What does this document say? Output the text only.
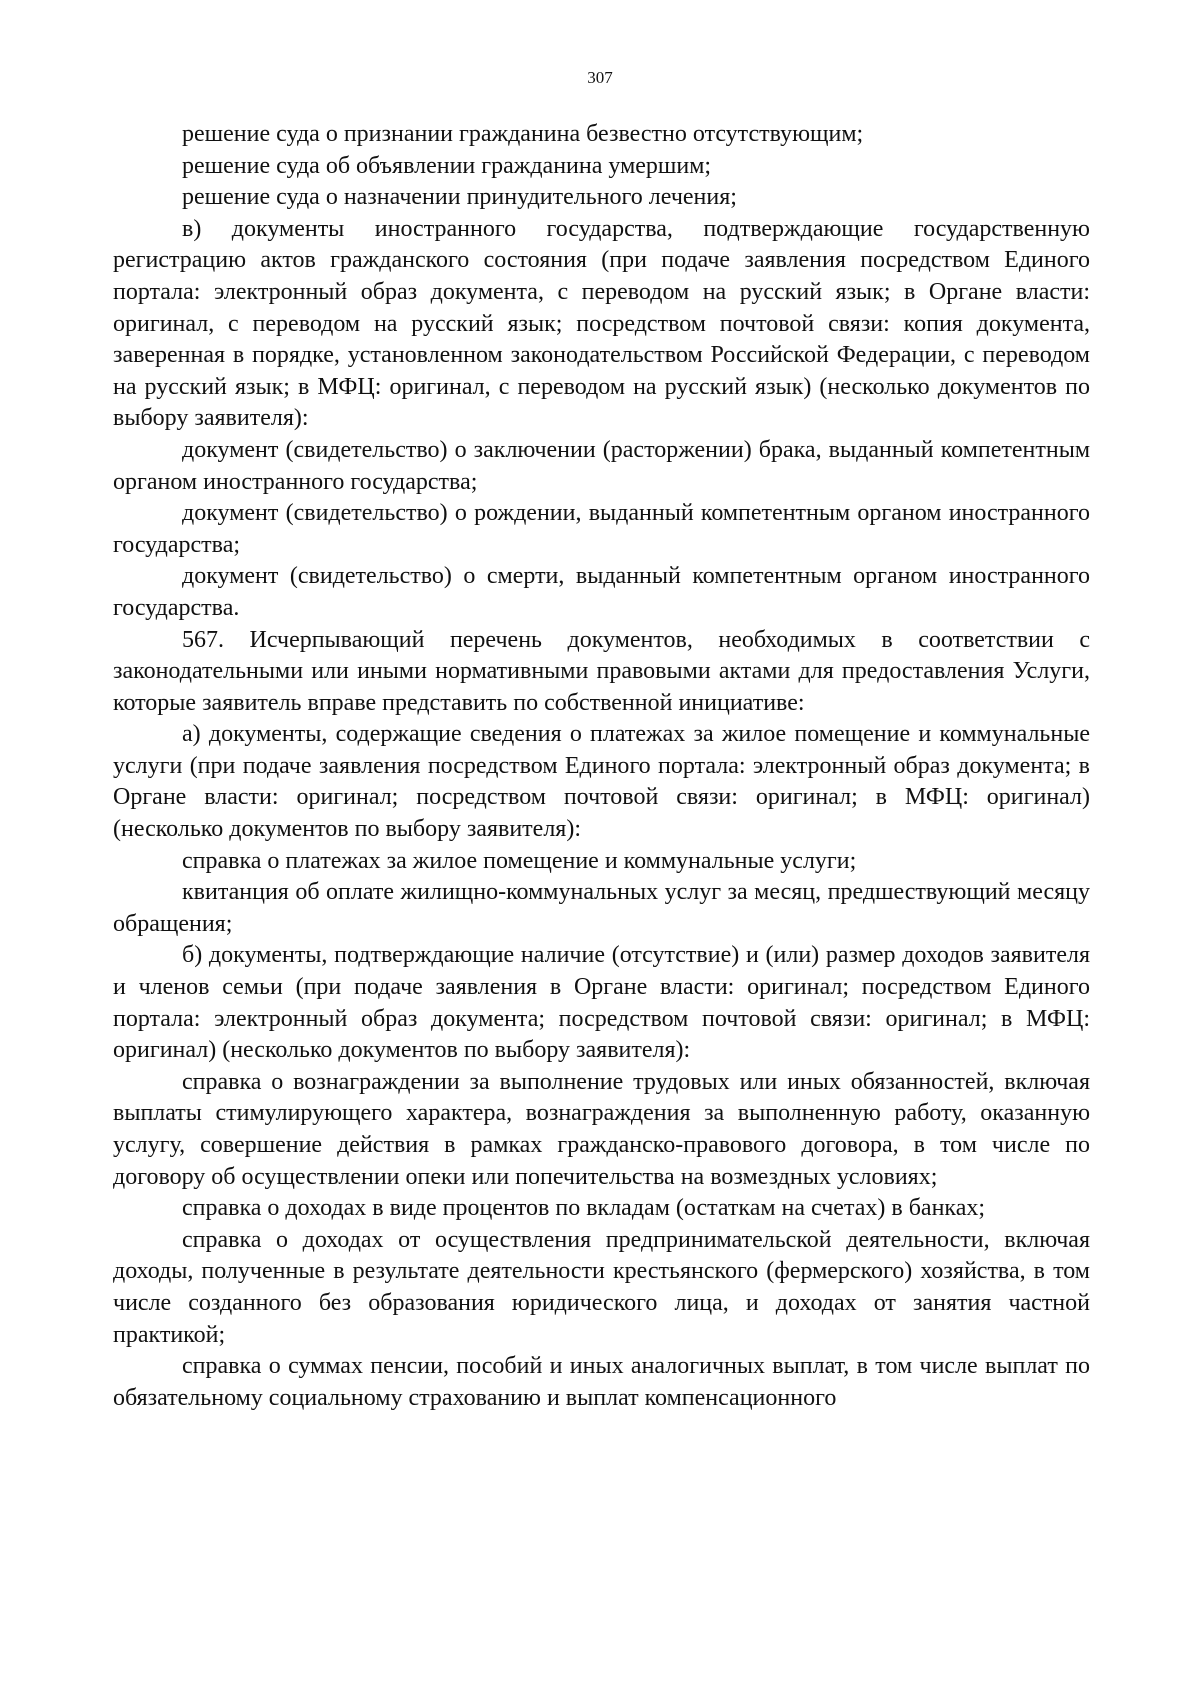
307

решение суда о признании гражданина безвестно отсутствующим;

решение суда об объявлении гражданина умершим;

решение суда о назначении принудительного лечения;

в) документы иностранного государства, подтверждающие государственную регистрацию актов гражданского состояния (при подаче заявления посредством Единого портала: электронный образ документа, с переводом на русский язык; в Органе власти: оригинал, с переводом на русский язык; посредством почтовой связи: копия документа, заверенная в порядке, установленном законодательством Российской Федерации, с переводом на русский язык; в МФЦ: оригинал, с переводом на русский язык) (несколько документов по выбору заявителя):

документ (свидетельство) о заключении (расторжении) брака, выданный компетентным органом иностранного государства;

документ (свидетельство) о рождении, выданный компетентным органом иностранного государства;

документ (свидетельство) о смерти, выданный компетентным органом иностранного государства.

567. Исчерпывающий перечень документов, необходимых в соответствии с законодательными или иными нормативными правовыми актами для предоставления Услуги, которые заявитель вправе представить по собственной инициативе:

а) документы, содержащие сведения о платежах за жилое помещение и коммунальные услуги (при подаче заявления посредством Единого портала: электронный образ документа; в Органе власти: оригинал; посредством почтовой связи: оригинал; в МФЦ: оригинал) (несколько документов по выбору заявителя):

справка о платежах за жилое помещение и коммунальные услуги;

квитанция об оплате жилищно-коммунальных услуг за месяц, предшествующий месяцу обращения;

б) документы, подтверждающие наличие (отсутствие) и (или) размер доходов заявителя и членов семьи (при подаче заявления в Органе власти: оригинал; посредством Единого портала: электронный образ документа; посредством почтовой связи: оригинал; в МФЦ: оригинал) (несколько документов по выбору заявителя):

справка о вознаграждении за выполнение трудовых или иных обязанностей, включая выплаты стимулирующего характера, вознаграждения за выполненную работу, оказанную услугу, совершение действия в рамках гражданско-правового договора, в том числе по договору об осуществлении опеки или попечительства на возмездных условиях;

справка о доходах в виде процентов по вкладам (остаткам на счетах) в банках;

справка о доходах от осуществления предпринимательской деятельности, включая доходы, полученные в результате деятельности крестьянского (фермерского) хозяйства, в том числе созданного без образования юридического лица, и доходах от занятия частной практикой;

справка о суммах пенсии, пособий и иных аналогичных выплат, в том числе выплат по обязательному социальному страхованию и выплат компенсационного
